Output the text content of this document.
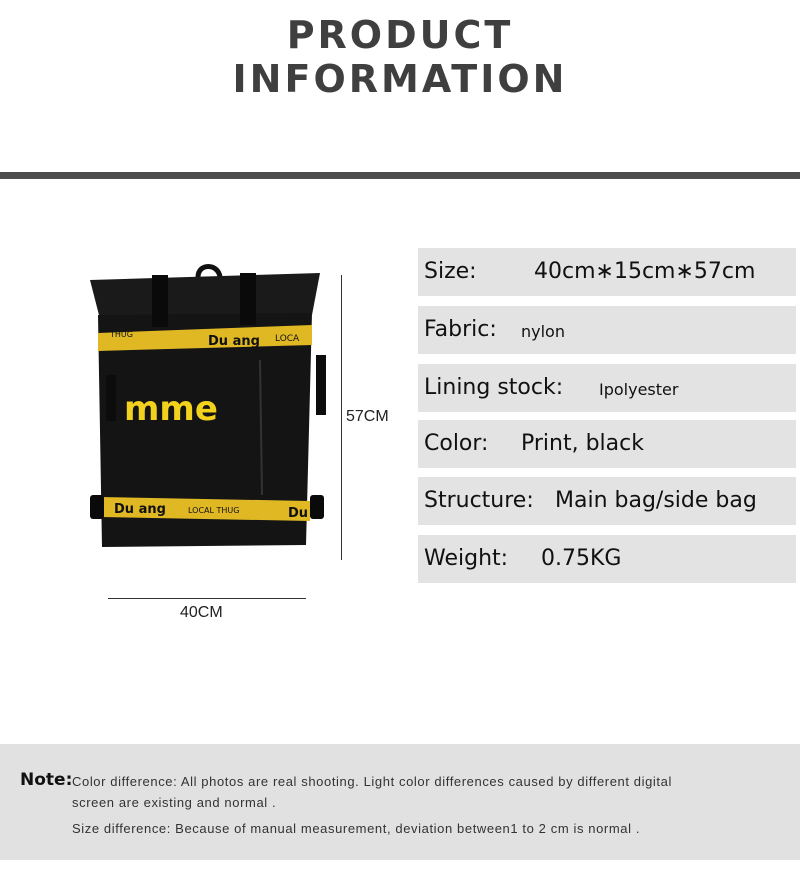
PRODUCT
INFORMATION
Du ang LOCA
THUG
mme
Du ang	LOCAL THUG	Du
57CM
40CM
Size:	40cm∗15cm∗57cm
Fabric: nylon
Lining stock: Ipolyester
Color: Print, black
Structure: Main bag/side bag
Weight: 0.75KG
Note: Color difference: All photos are real shooting. Light color differences caused by different digital
screen are existing and normal .
Size difference: Because of manual measurement, deviation between1 to 2 cm is normal .
